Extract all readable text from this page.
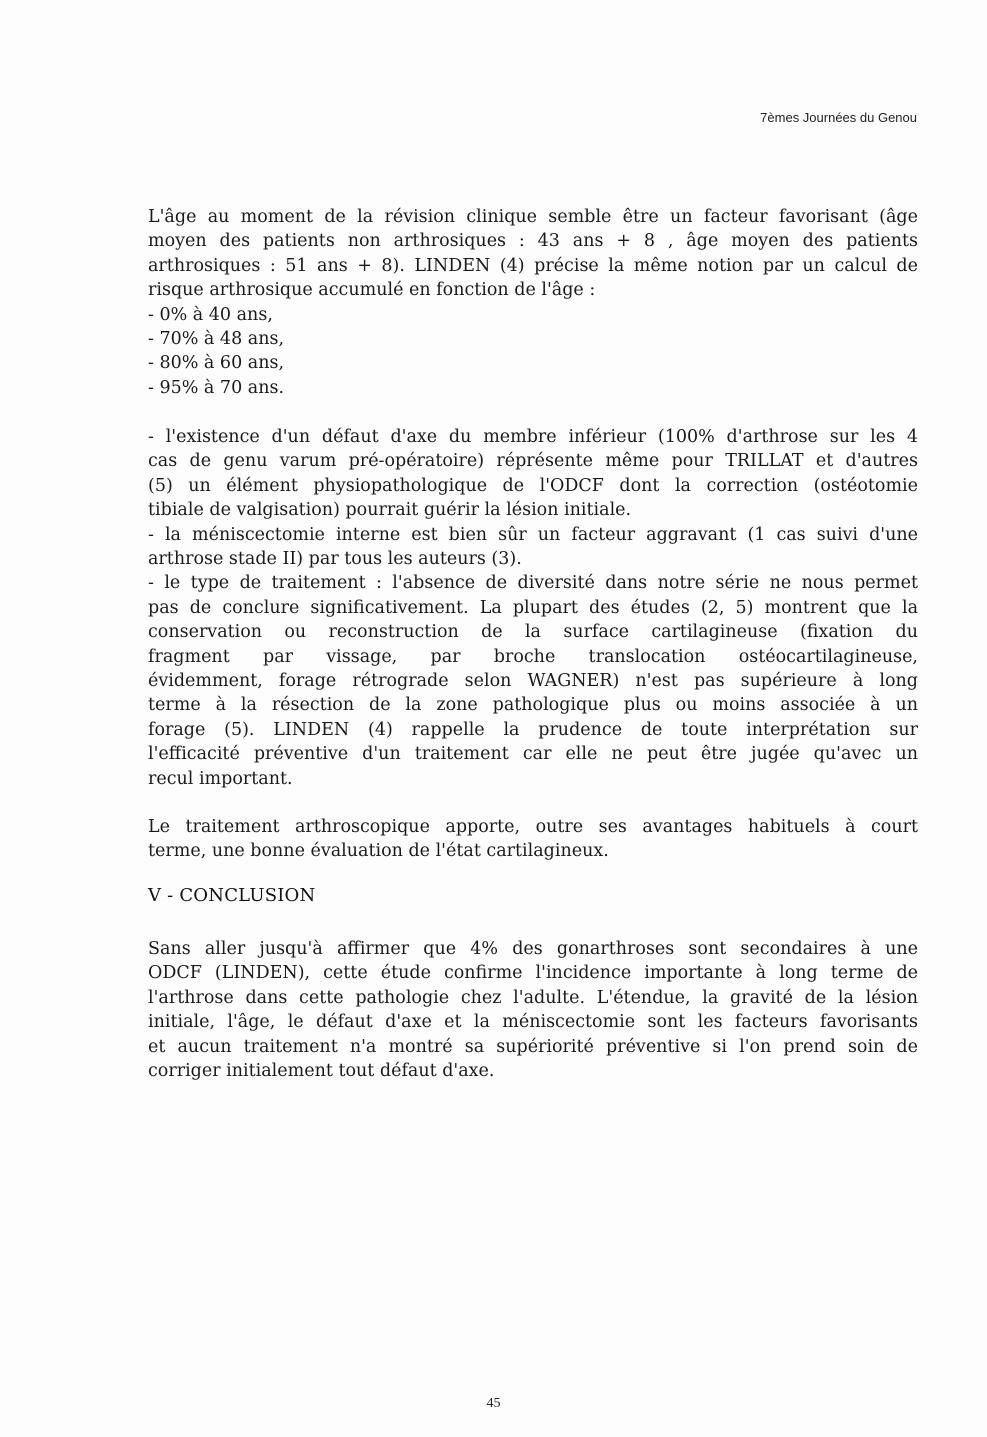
7èmes Journées du Genou
L'âge au moment de la révision clinique semble être un facteur favorisant (âge
moyen des patients non arthrosiques : 43 ans + 8 , âge moyen des patients
arthrosiques : 51 ans + 8). LINDEN (4) précise la même notion par un calcul de
risque arthrosique accumulé en fonction de l'âge :
- 0% à 40 ans,
- 70% à 48 ans,
- 80% à 60 ans,
- 95% à 70 ans.
- l'existence d'un défaut d'axe du membre inférieur (100% d'arthrose sur les 4
cas de genu varum pré-opératoire) réprésente même pour TRILLAT et d'autres
(5) un élément physiopathologique de l'ODCF dont la correction (ostéotomie
tibiale de valgisation) pourrait guérir la lésion initiale.
- la méniscectomie interne est bien sûr un facteur aggravant (1 cas suivi d'une
arthrose stade II) par tous les auteurs (3).
- le type de traitement : l'absence de diversité dans notre série ne nous permet
pas de conclure significativement. La plupart des études (2, 5) montrent que la
conservation ou reconstruction de la surface cartilagineuse (fixation du
fragment par vissage, par broche translocation ostéocartilagineuse,
évidemment, forage rétrograde selon WAGNER) n'est pas supérieure à long
terme à la résection de la zone pathologique plus ou moins associée à un
forage (5). LINDEN (4) rappelle la prudence de toute interprétation sur
l'efficacité préventive d'un traitement car elle ne peut être jugée qu'avec un
recul important.
Le traitement arthroscopique apporte, outre ses avantages habituels à court
terme, une bonne évaluation de l'état cartilagineux.
V - CONCLUSION
Sans aller jusqu'à affirmer que 4% des gonarthroses sont secondaires à une
ODCF (LINDEN), cette étude confirme l'incidence importante à long terme de
l'arthrose dans cette pathologie chez l'adulte. L'étendue, la gravité de la lésion
initiale, l'âge, le défaut d'axe et la méniscectomie sont les facteurs favorisants
et aucun traitement n'a montré sa supériorité préventive si l'on prend soin de
corriger initialement tout défaut d'axe.
45
